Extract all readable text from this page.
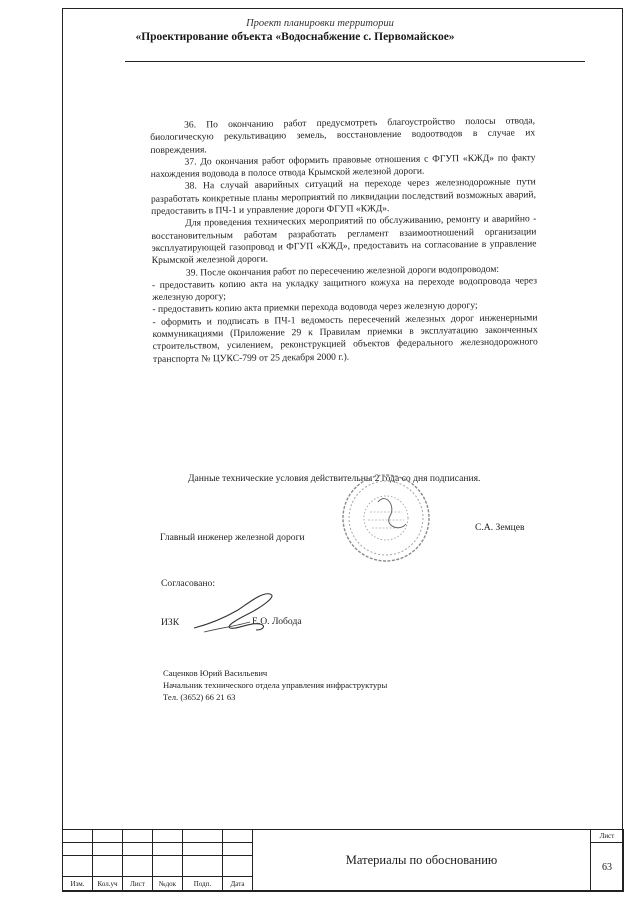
Проект планировки территории
«Проектирование объекта «Водоснабжение с. Первомайское»

36. По окончанию работ предусмотреть благоустройство полосы отвода, биологическую рекультивацию земель, восстановление водоотводов в случае их повреждения.

37. До окончания работ оформить правовые отношения с ФГУП «КЖД» по факту нахождения водовода в полосе отвода Крымской железной дороги.

38. На случай аварийных ситуаций на переходе через железнодорожные пути разработать конкретные планы мероприятий по ликвидации последствий возможных аварий, предоставить в ПЧ-1 и управление дороги ФГУП «КЖД».

Для проведения технических мероприятий по обслуживанию, ремонту и аварийно - восстановительным работам разработать регламент взаимоотношений организации эксплуатирующей газопровод и ФГУП «КЖД», предоставить на согласование в управление Крымской железной дороги.

39. После окончания работ по пересечению железной дороги водопроводом:

- предоставить копию акта на укладку защитного кожуха на переходе водопровода через железную дорогу;

- предоставить копию акта приемки перехода водовода через железную дорогу;

- оформить и подписать в ПЧ-1 ведомость пересечений железных дорог инженерными коммуникациями (Приложение 29 к Правилам приемки в эксплуатацию законченных строительством, усилением, реконструкцией объектов федерального железнодорожного транспорта № ЦУКС-799 от 25 декабря 2000 г.).

Данные технические условия действительны 2 года со дня подписания.
Главный инженер железной дороги
С.А. Земцев
Согласовано:
ИЗК	Е.О. Лобода
Саценков Юрий Васильевич
Начальник технического отдела управления инфраструктуры
Тел. (3652) 66 21 63
						Материалы по обоснованию	Лист
							63

Изм.	Кол.уч	Лист	№док	Подп.	Дата		
